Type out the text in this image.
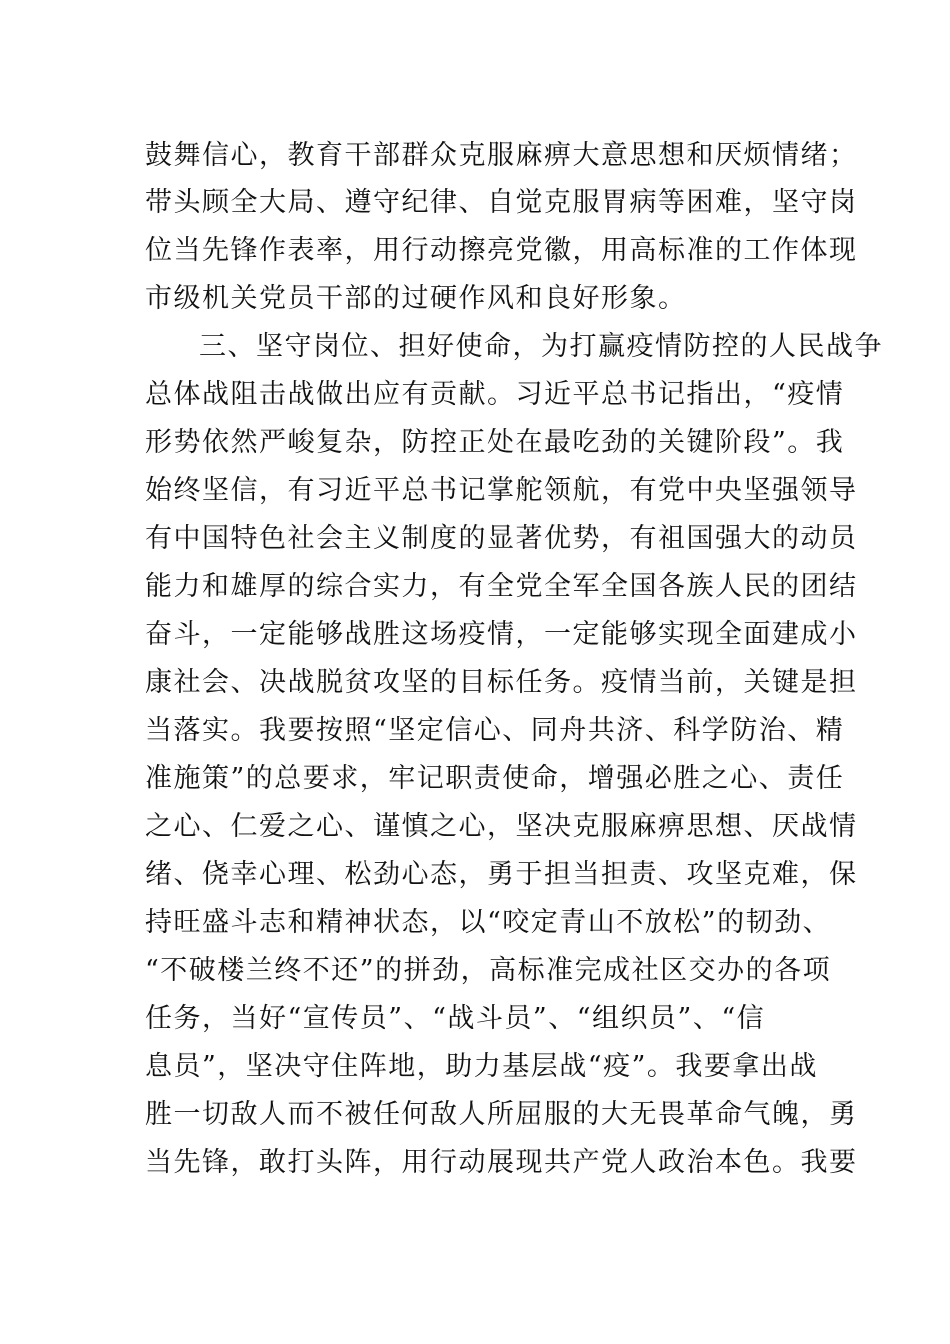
鼓舞信心，教育干部群众克服麻痹大意思想和厌烦情绪；
带头顾全大局、遵守纪律、自觉克服胃病等困难，坚守岗
位当先锋作表率，用行动擦亮党徽，用高标准的工作体现
市级机关党员干部的过硬作风和良好形象。
三、坚守岗位、担好使命，为打赢疫情防控的人民战争
总体战阻击战做出应有贡献。习近平总书记指出，“疫情
形势依然严峻复杂，防控正处在最吃劲的关键阶段”。我
始终坚信，有习近平总书记掌舵领航，有党中央坚强领导
有中国特色社会主义制度的显著优势，有祖国强大的动员
能力和雄厚的综合实力，有全党全军全国各族人民的团结
奋斗，一定能够战胜这场疫情，一定能够实现全面建成小
康社会、决战脱贫攻坚的目标任务。疫情当前，关键是担
当落实。我要按照“坚定信心、同舟共济、科学防治、精
准施策”的总要求，牢记职责使命，增强必胜之心、责任
之心、仁爱之心、谨慎之心，坚决克服麻痹思想、厌战情
绪、侥幸心理、松劲心态，勇于担当担责、攻坚克难，保
持旺盛斗志和精神状态，以“咬定青山不放松”的韧劲、
“不破楼兰终不还”的拼劲，高标准完成社区交办的各项
任务，当好“宣传员”、“战斗员”、“组织员”、“信
息员”，坚决守住阵地，助力基层战“疫”。我要拿出战
胜一切敌人而不被任何敌人所屈服的大无畏革命气魄，勇
当先锋，敢打头阵，用行动展现共产党人政治本色。我要
